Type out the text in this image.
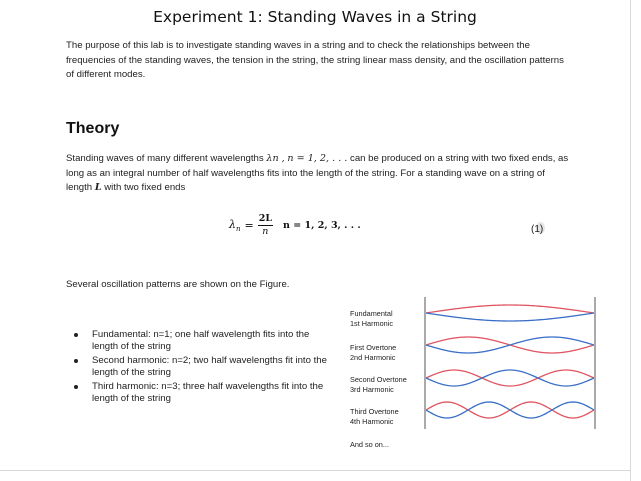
Experiment 1: Standing Waves in a String
The purpose of this lab is to investigate standing waves in a string and to check the relationships between the frequencies of the standing waves, the tension in the string, the string linear mass density, and the oscillation patterns of different modes.
Theory
Standing waves of many different wavelengths λn , n = 1, 2, . . . can be produced on a string with two fixed ends, as long as an integral number of half wavelengths fits into the length of the string. For a standing wave on a string of length L with two fixed ends
$\lambda_n = \frac{2L}{n}$ n = 1, 2, 3, . . .	(1)
Several oscillation patterns are shown on the Figure.
Fundamental: n=1; one half wavelength fits into the length of the string
Second harmonic: n=2; two half wavelengths fit into the length of the string
Third harmonic: n=3; three half wavelengths fit into the length of the string
Fundamental
1st Harmonic
First Overtone
2nd Harmonic
Second Overtone
3rd Harmonic
Third Overtone
4th Harmonic
And so on...
